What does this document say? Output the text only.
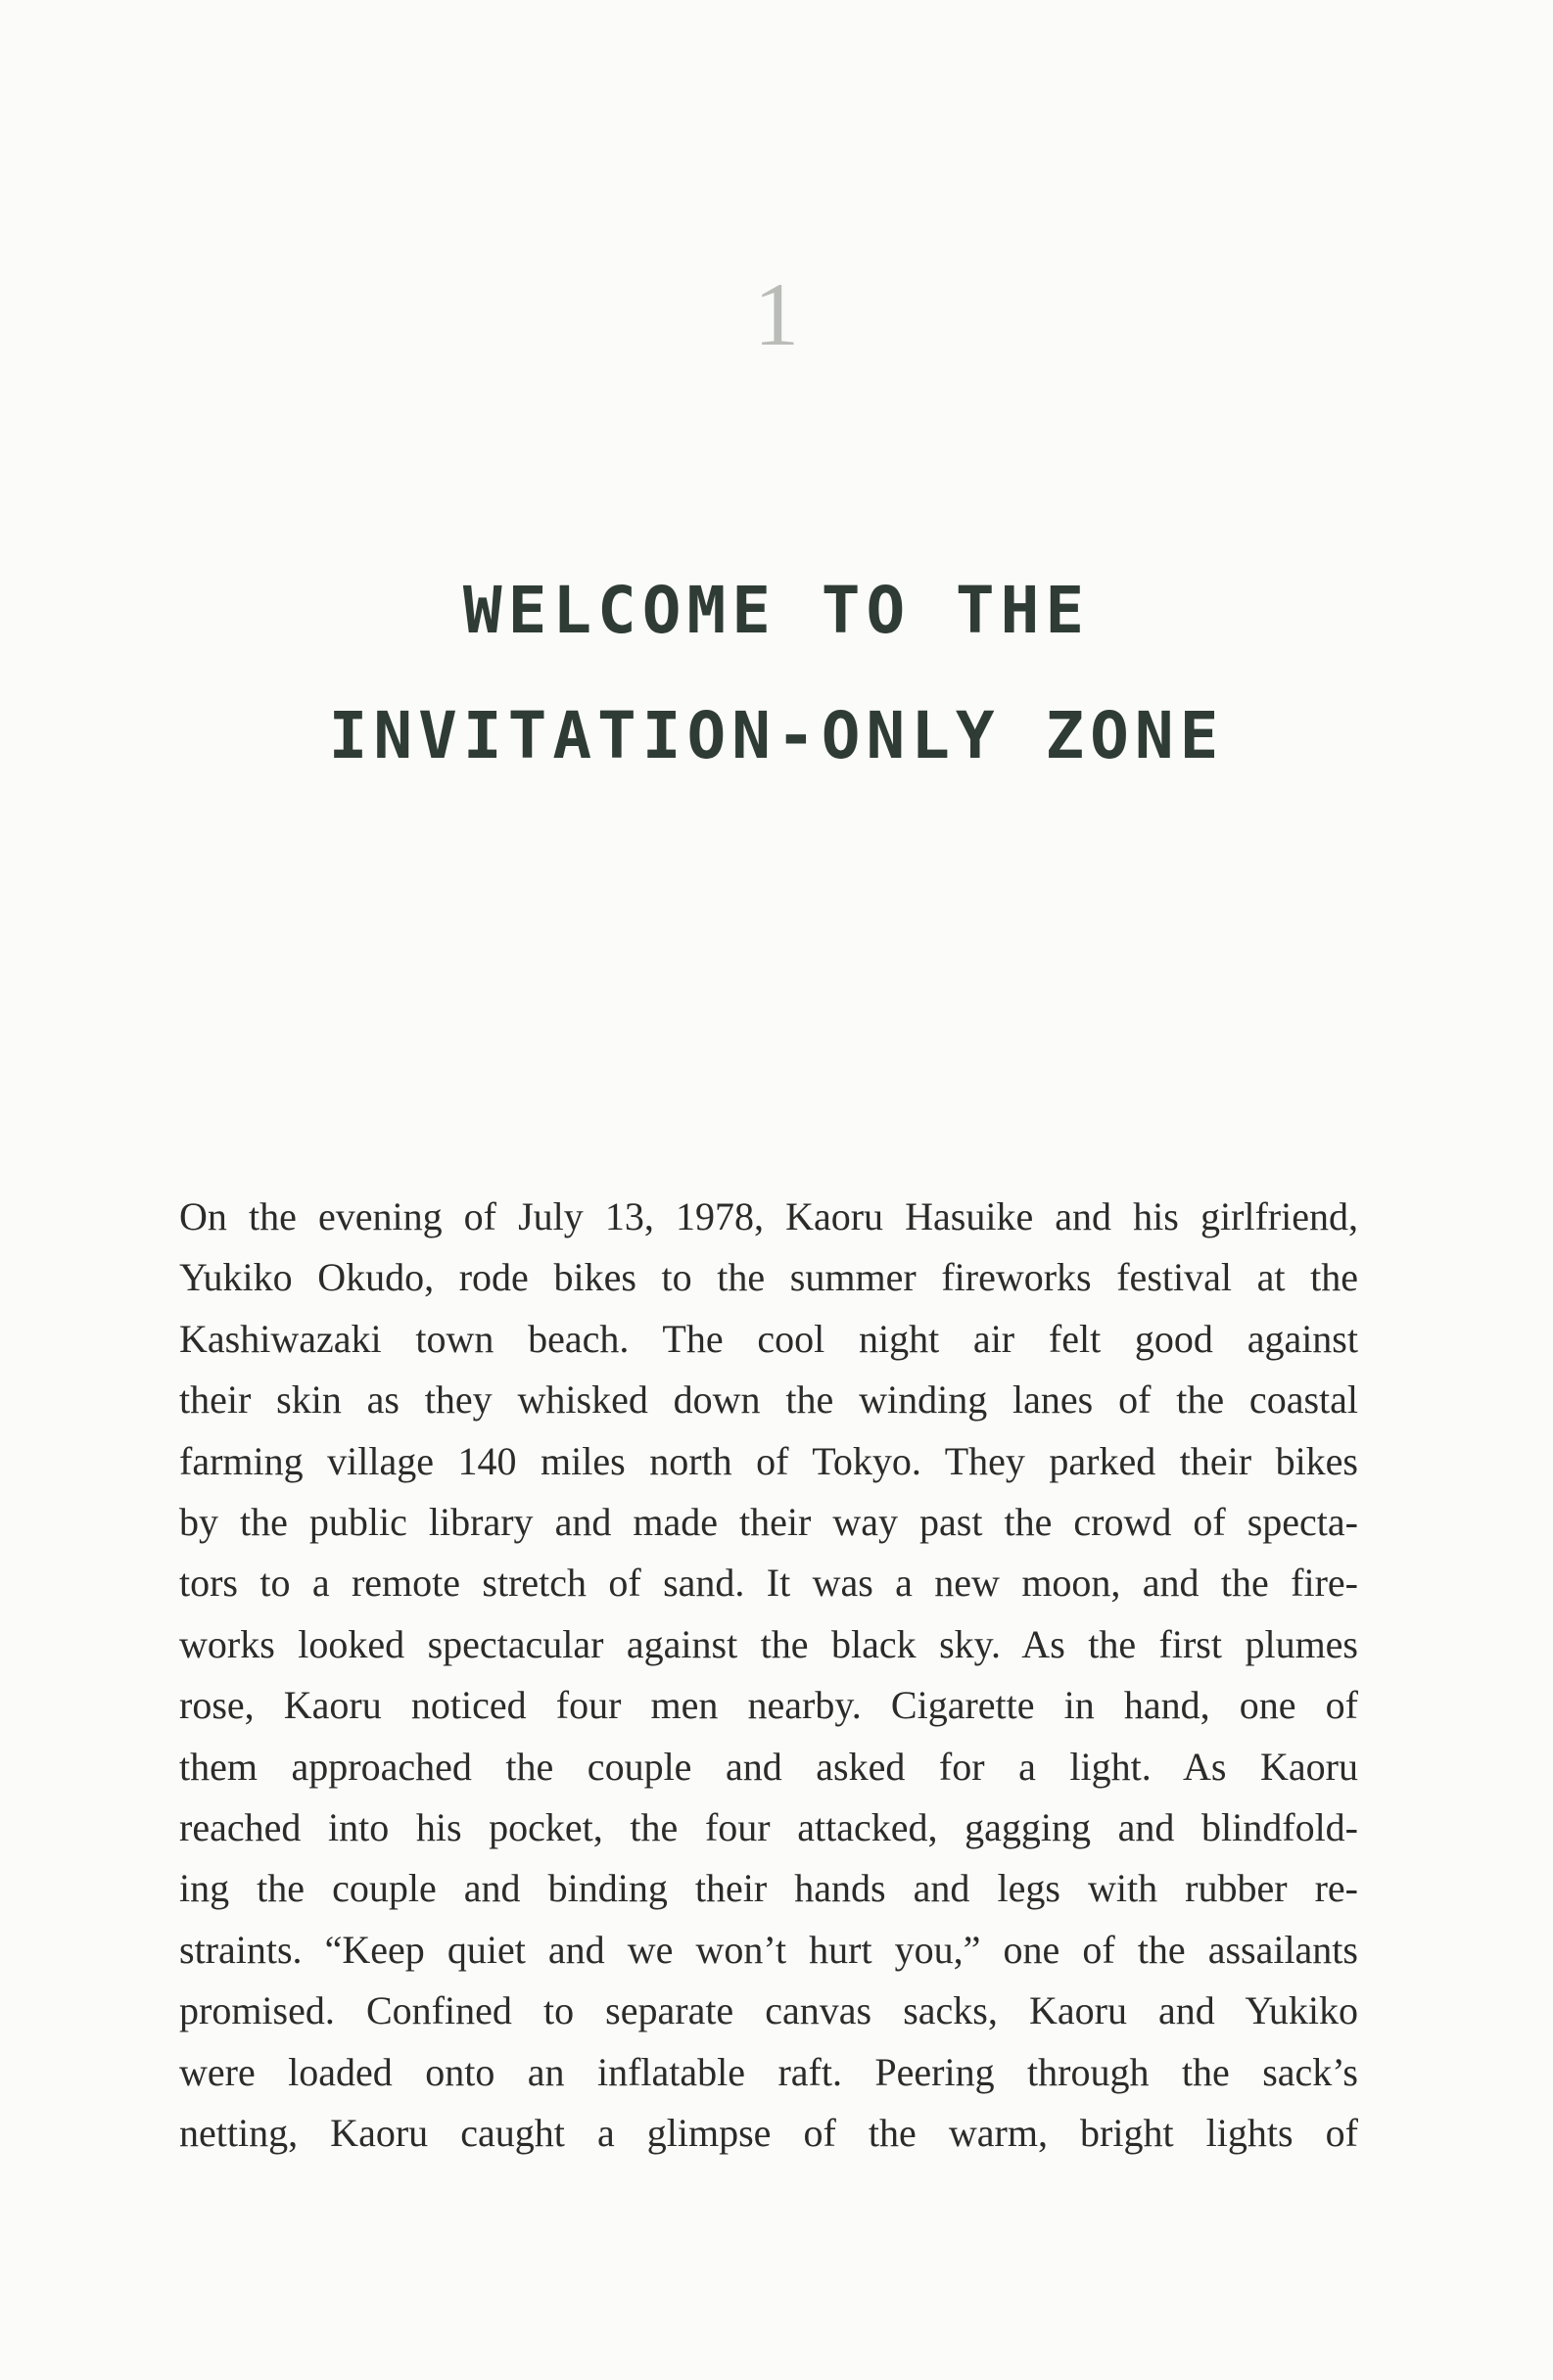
1
WELCOME TO THE
INVITATION-ONLY ZONE
On the evening of July 13, 1978, Kaoru Hasuike and his girlfriend,
Yukiko Okudo, rode bikes to the summer fireworks festival at the
Kashiwazaki town beach. The cool night air felt good against
their skin as they whisked down the winding lanes of the coastal
farming village 140 miles north of Tokyo. They parked their bikes
by the public library and made their way past the crowd of specta-
tors to a remote stretch of sand. It was a new moon, and the fire-
works looked spectacular against the black sky. As the first plumes
rose, Kaoru noticed four men nearby. Cigarette in hand, one of
them approached the couple and asked for a light. As Kaoru
reached into his pocket, the four attacked, gagging and blindfold-
ing the couple and binding their hands and legs with rubber re-
straints. “Keep quiet and we won’t hurt you,” one of the assailants
promised. Confined to separate canvas sacks, Kaoru and Yukiko
were loaded onto an inflatable raft. Peering through the sack’s
netting, Kaoru caught a glimpse of the warm, bright lights of
